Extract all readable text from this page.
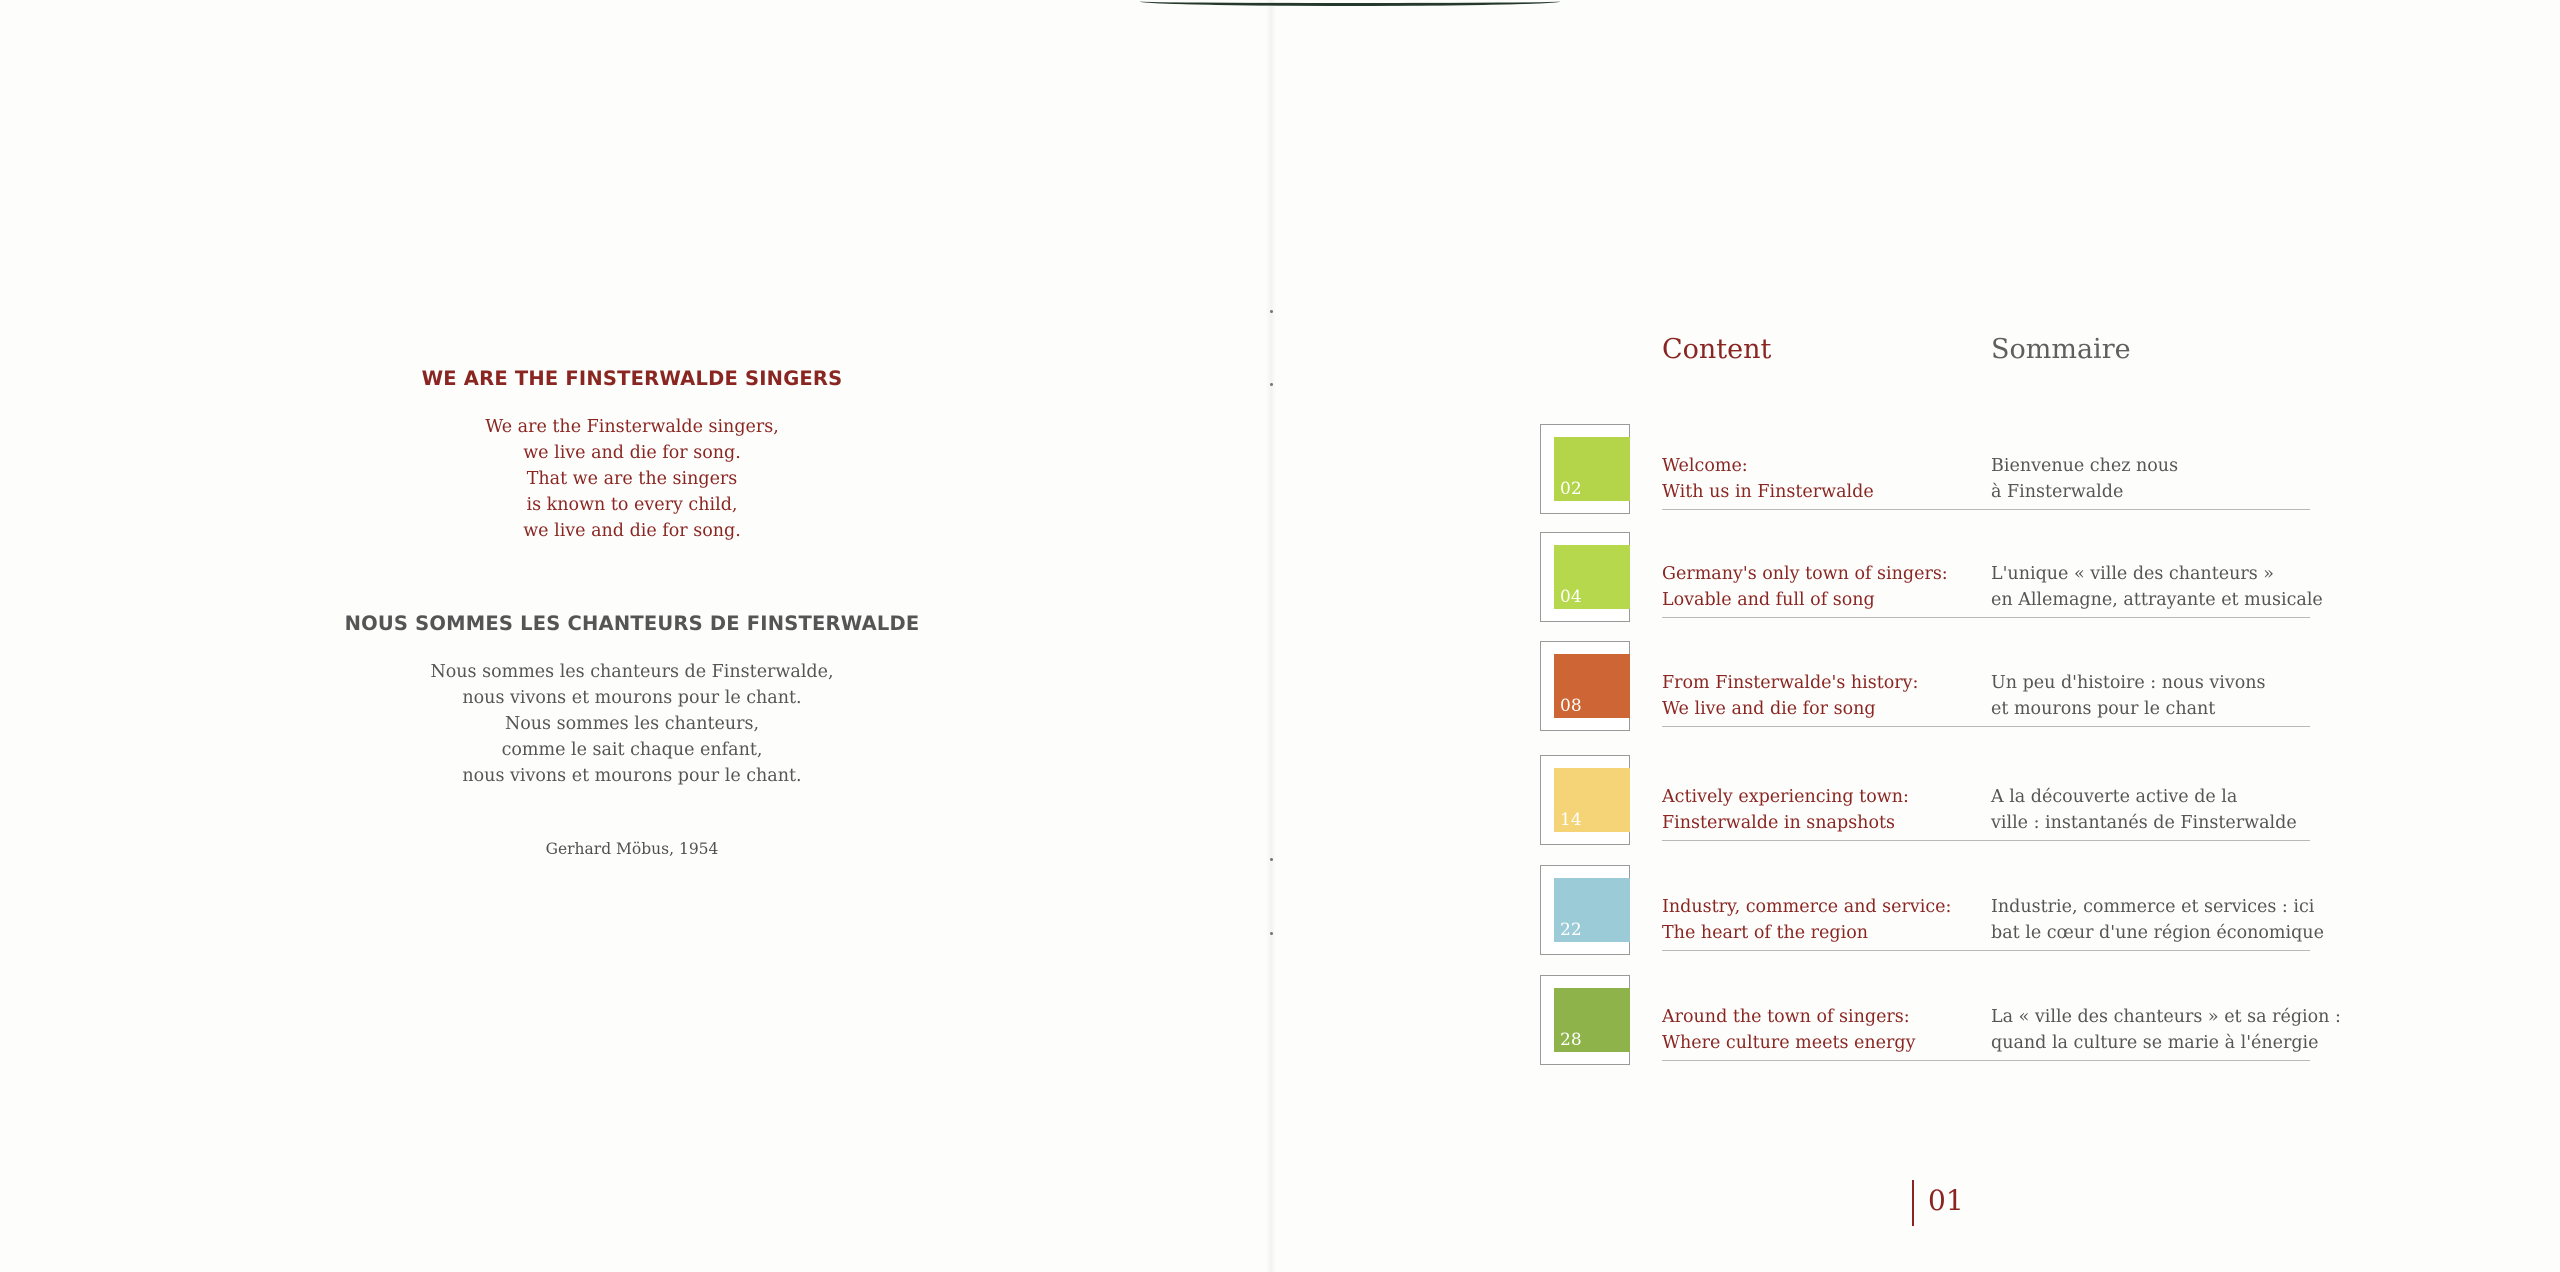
WE ARE THE FINSTERWALDE SINGERS
We are the Finsterwalde singers,
we live and die for song.
That we are the singers
is known to every child,
we live and die for song.
NOUS SOMMES LES CHANTEURS DE FINSTERWALDE
Nous sommes les chanteurs de Finsterwalde,
nous vivons et mourons pour le chant.
Nous sommes les chanteurs,
comme le sait chaque enfant,
nous vivons et mourons pour le chant.
Gerhard Möbus, 1954
Content	Sommaire
02
Welcome:
With us in Finsterwalde
Bienvenue chez nous
à Finsterwalde
04
Germany's only town of singers:
Lovable and full of song
L'unique « ville des chanteurs »
en Allemagne, attrayante et musicale
08
From Finsterwalde's history:
We live and die for song
Un peu d'histoire : nous vivons
et mourons pour le chant
14
Actively experiencing town:
Finsterwalde in snapshots
A la découverte active de la
ville : instantanés de Finsterwalde
22
Industry, commerce and service:
The heart of the region
Industrie, commerce et services : ici
bat le cœur d'une région économique
28
Around the town of singers:
Where culture meets energy
La « ville des chanteurs » et sa région :
quand la culture se marie à l'énergie
01
